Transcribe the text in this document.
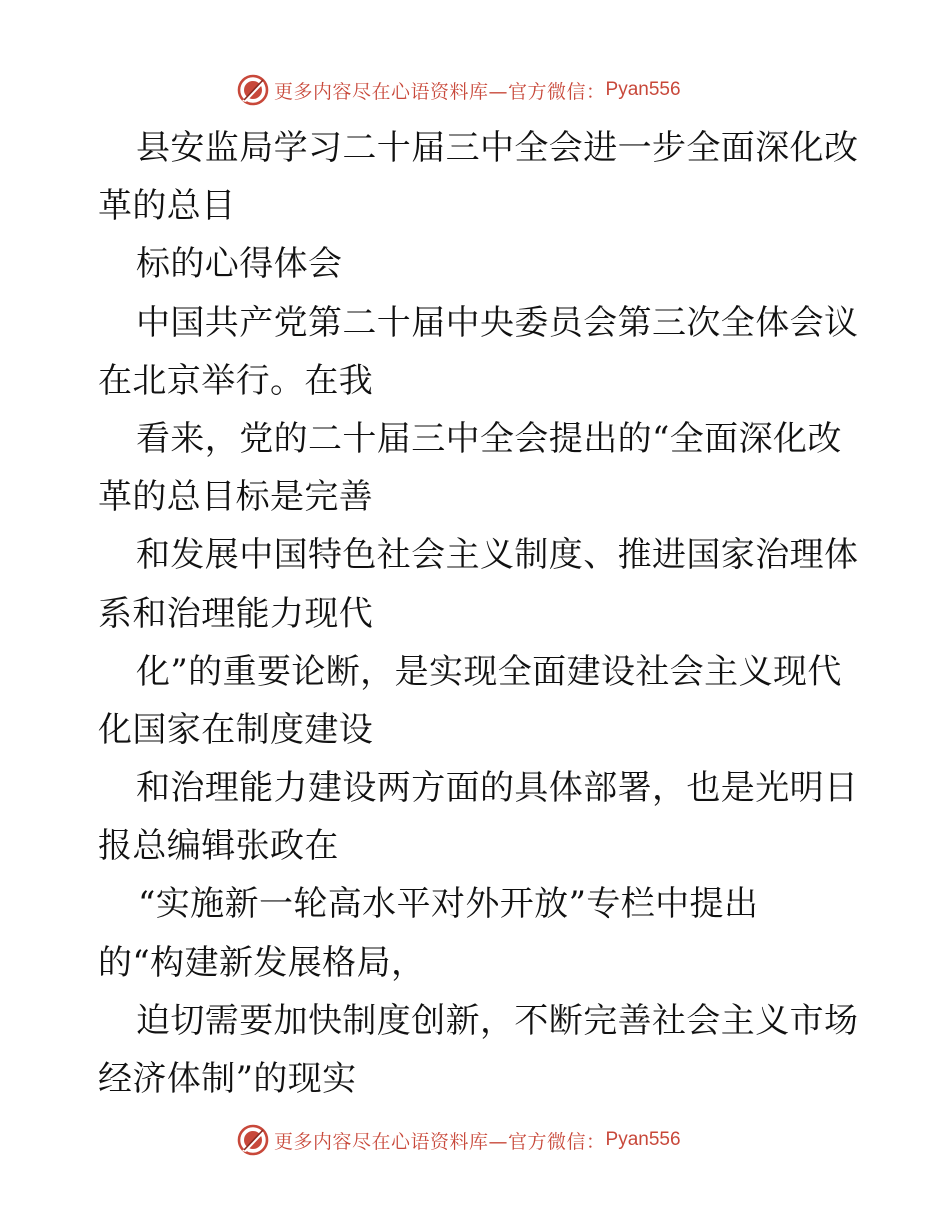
更多内容尽在心语资料库—官方微信： Pyan556
县安监局学习二十届三中全会进一步全面深化改
革的总目
标的心得体会
中国共产党第二十届中央委员会第三次全体会议
在北京举行。在我
看来，党的二十届三中全会提出的“全面深化改
革的总目标是完善
和发展中国特色社会主义制度、推进国家治理体
系和治理能力现代
化”的重要论断，是实现全面建设社会主义现代
化国家在制度建设
和治理能力建设两方面的具体部署，也是光明日
报总编辑张政在
“实施新一轮高水平对外开放”专栏中提出
的“构建新发展格局，
迫切需要加快制度创新，不断完善社会主义市场
经济体制”的现实
更多内容尽在心语资料库—官方微信： Pyan556
